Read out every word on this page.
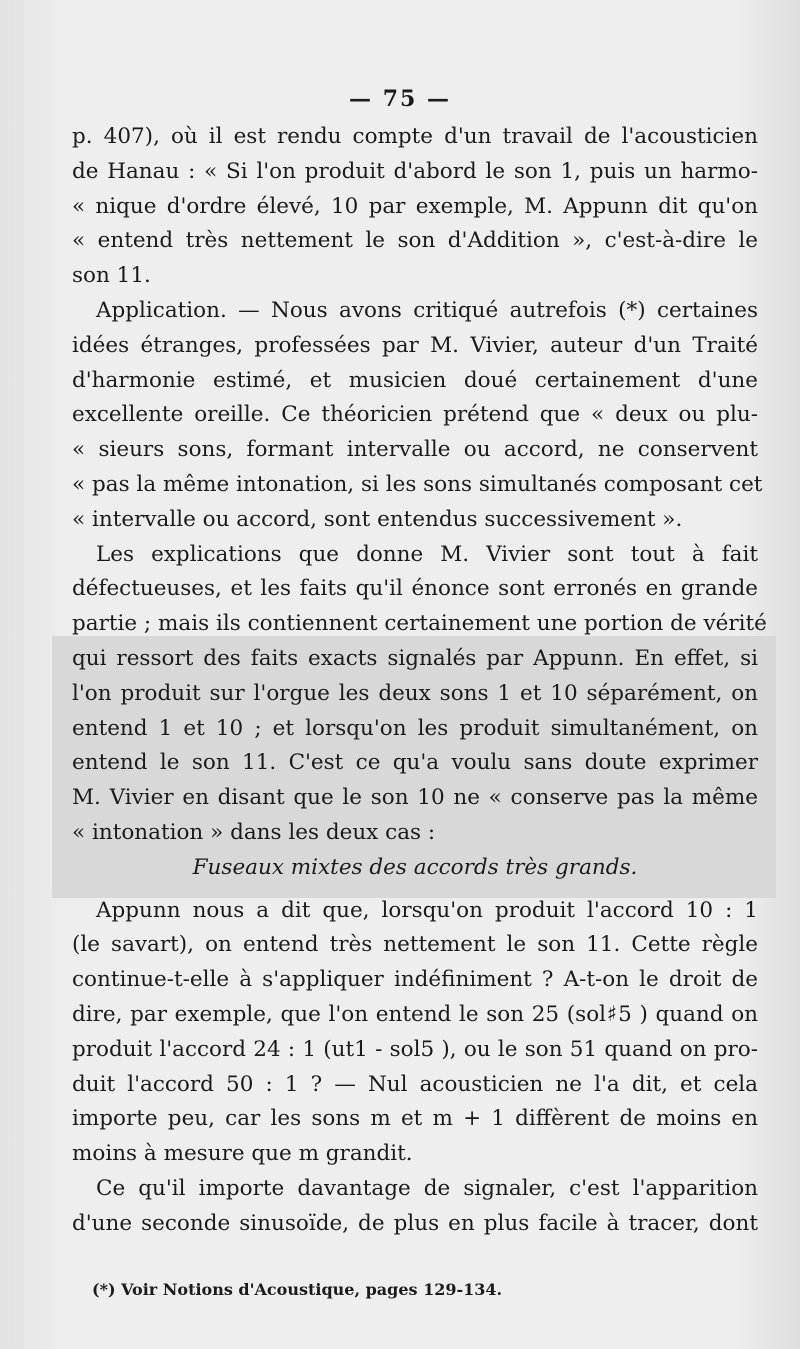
— 75 —
p. 407), où il est rendu compte d'un travail de l'acousticien
de Hanau : « Si l'on produit d'abord le son 1, puis un harmo-
« nique d'ordre élevé, 10 par exemple, M. Appunn dit qu'on
« entend très nettement le son d'Addition », c'est-à-dire le
son 11.
Application. — Nous avons critiqué autrefois (*) certaines
idées étranges, professées par M. Vivier, auteur d'un Traité
d'harmonie estimé, et musicien doué certainement d'une
excellente oreille. Ce théoricien prétend que « deux ou plu-
« sieurs sons, formant intervalle ou accord, ne conservent
« pas la même intonation, si les sons simultanés composant cet
« intervalle ou accord, sont entendus successivement ».
Les explications que donne M. Vivier sont tout à fait
défectueuses, et les faits qu'il énonce sont erronés en grande
partie ; mais ils contiennent certainement une portion de vérité
qui ressort des faits exacts signalés par Appunn. En effet, si
l'on produit sur l'orgue les deux sons 1 et 10 séparément, on
entend 1 et 10 ; et lorsqu'on les produit simultanément, on
entend le son 11. C'est ce qu'a voulu sans doute exprimer
M. Vivier en disant que le son 10 ne « conserve pas la même
« intonation » dans les deux cas :
Fuseaux mixtes des accords très grands.
Appunn nous a dit que, lorsqu'on produit l'accord 10 : 1
(le savart), on entend très nettement le son 11. Cette règle
continue-t-elle à s'appliquer indéfiniment ? A-t-on le droit de
dire, par exemple, que l'on entend le son 25 (sol♯5 ) quand on
produit l'accord 24 : 1 (ut1 - sol5 ), ou le son 51 quand on pro-
duit l'accord 50 : 1 ? — Nul acousticien ne l'a dit, et cela
importe peu, car les sons m et m + 1 diffèrent de moins en
moins à mesure que m grandit.
Ce qu'il importe davantage de signaler, c'est l'apparition
d'une seconde sinusoïde, de plus en plus facile à tracer, dont
(*) Voir Notions d'Acoustique, pages 129-134.
